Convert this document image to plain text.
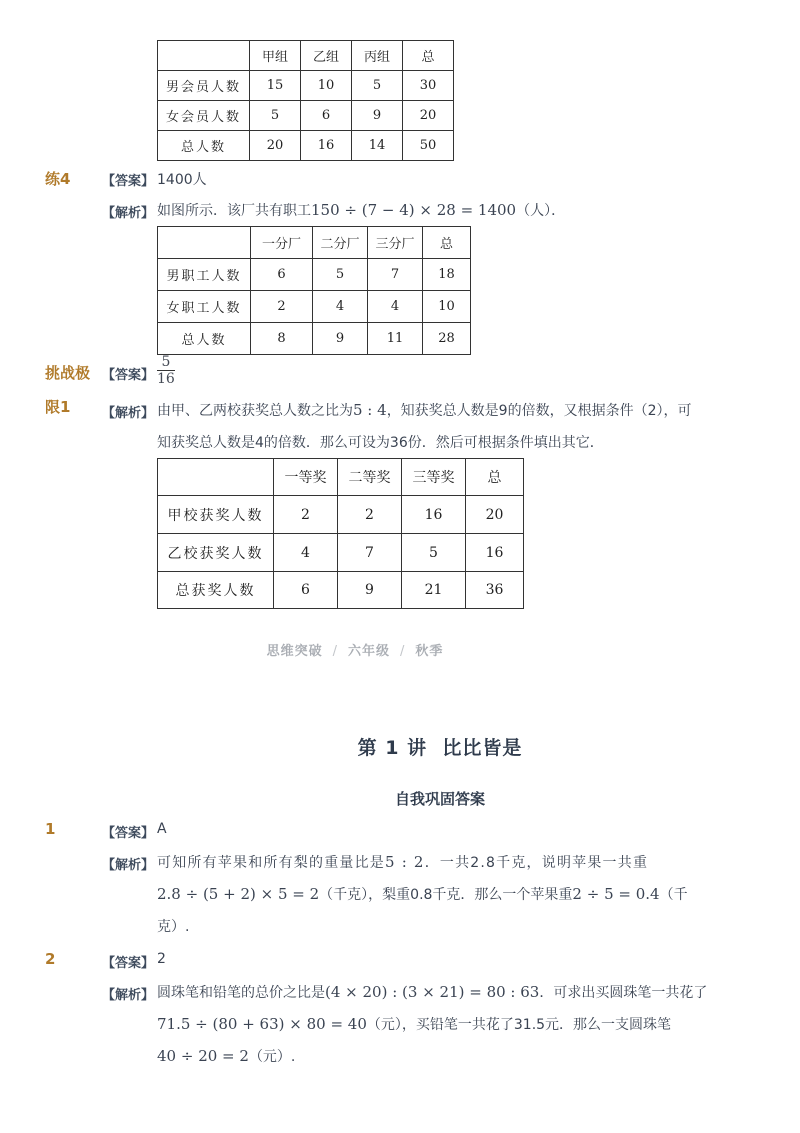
	甲组	乙组	丙组	总
男会员人数	15	10	5	30
女会员人数	5	6	9	20
总人数	20	16	14	50
练4 【答案】 1400人
【解析】 如图所示．该厂共有职工150 ÷ (7 − 4) × 28 = 1400（人）．
	一分厂	二分厂	三分厂	总
男职工人数	6	5	7	18
女职工人数	2	4	4	10
总人数	8	9	11	28
挑战极
限1
【答案】 $\frac{5}{16}$
【解析】 由甲、乙两校获奖总人数之比为5 : 4，知获奖总人数是9的倍数，又根据条件（2），可
知获奖总人数是4的倍数．那么可设为36份．然后可根据条件填出其它．
	一等奖	二等奖	三等奖	总
甲校获奖人数	2	2	16	20
乙校获奖人数	4	7	5	16
总获奖人数	6	9	21	36
思维突破 / 六年级 / 秋季
第 1 讲  比比皆是
自我巩固答案
1	【答案】 A
【解析】 可知所有苹果和所有梨的重量比是5 : 2．一共2.8千克，说明苹果一共重
2.8 ÷ (5 + 2) × 5 = 2（千克），梨重0.8千克．那么一个苹果重2 ÷ 5 = 0.4（千
克）.
2	【答案】 2
【解析】 圆珠笔和铅笔的总价之比是(4 × 20) : (3 × 21) = 80 : 63．可求出买圆珠笔一共花了
71.5 ÷ (80 + 63) × 80 = 40（元），买铅笔一共花了31.5元．那么一支圆珠笔
40 ÷ 20 = 2（元）.
